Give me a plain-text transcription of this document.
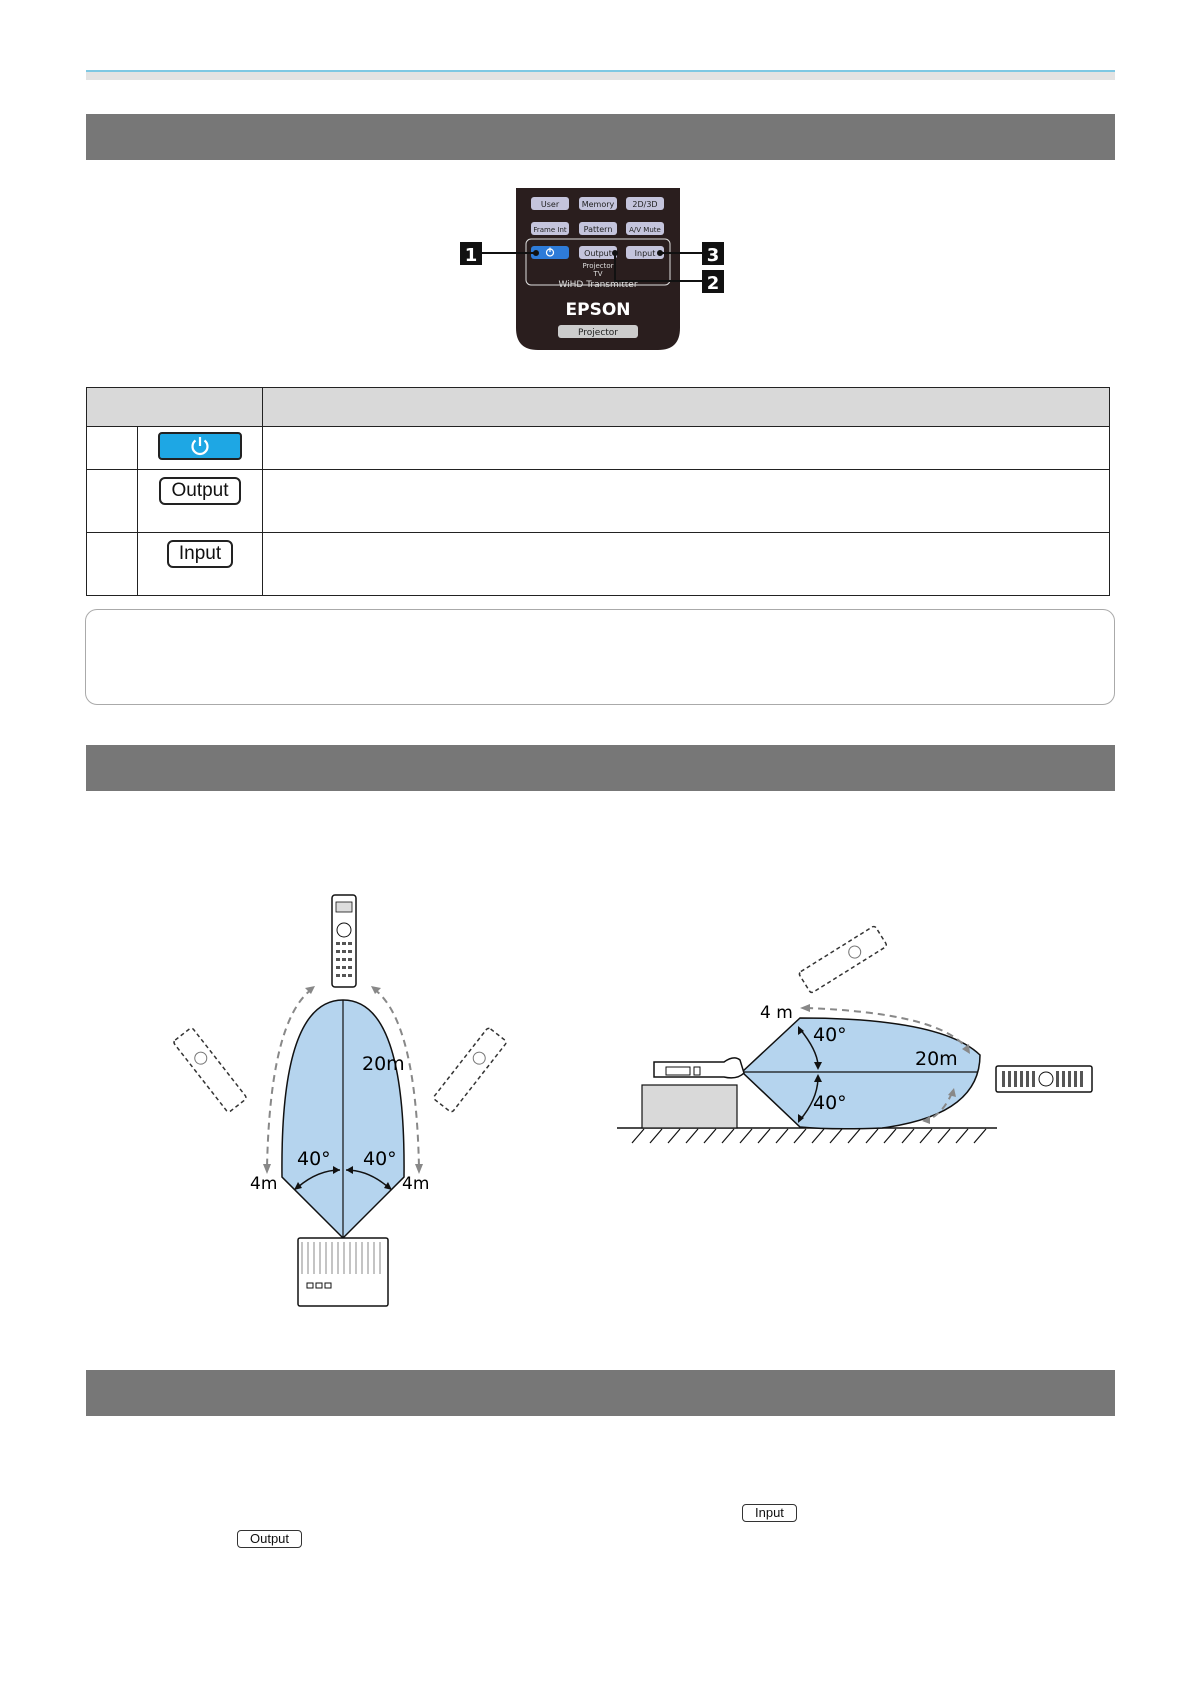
User	Memory 2D/3D
Frame Int Pattern A/V Mute
Output	Input
Projector
TV
WiHD Transmitter
EPSON
Projector
1
2
3

	Output	
	Input	
20m
40° 40°
4m	4m
40°
40°
20m
4 m
Input
Output
